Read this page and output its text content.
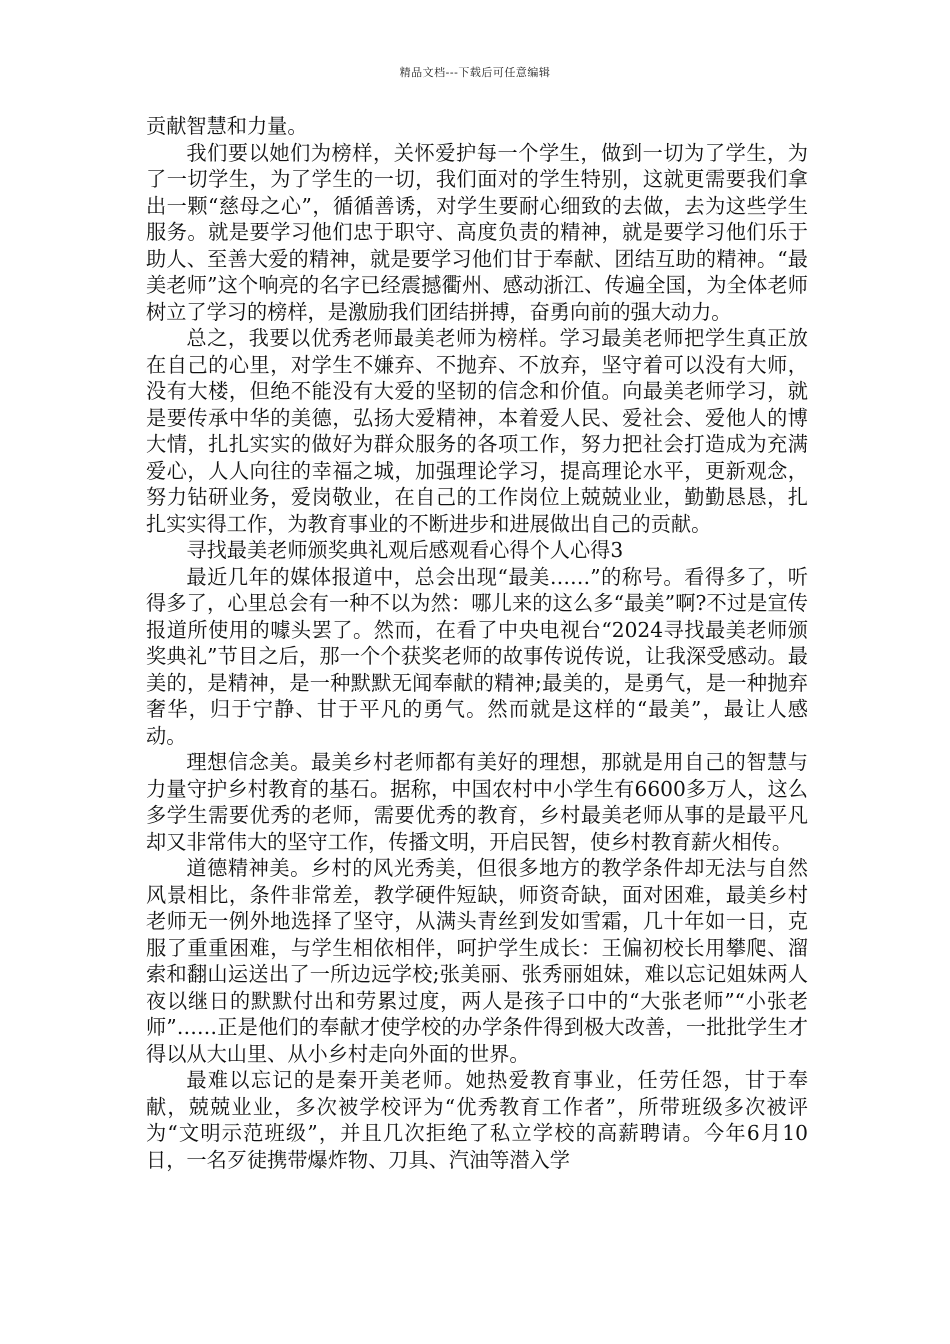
精品文档---下载后可任意编辑

贡献智慧和力量。

我们要以她们为榜样，关怀爱护每一个学生，做到一切为了学生，为了一切学生，为了学生的一切，我们面对的学生特别，这就更需要我们拿出一颗“慈母之心”，循循善诱，对学生要耐心细致的去做，去为这些学生服务。就是要学习他们忠于职守、高度负责的精神，就是要学习他们乐于助人、至善大爱的精神，就是要学习他们甘于奉献、团结互助的精神。“最美老师”这个响亮的名字已经震撼衢州、感动浙江、传遍全国，为全体老师树立了学习的榜样，是激励我们团结拼搏，奋勇向前的强大动力。

总之，我要以优秀老师最美老师为榜样。学习最美老师把学生真正放在自己的心里，对学生不嫌弃、不抛弃、不放弃，坚守着可以没有大师，没有大楼，但绝不能没有大爱的坚韧的信念和价值。向最美老师学习，就是要传承中华的美德，弘扬大爱精神，本着爱人民、爱社会、爱他人的博大情，扎扎实实的做好为群众服务的各项工作，努力把社会打造成为充满爱心，人人向往的幸福之城，加强理论学习，提高理论水平，更新观念，努力钻研业务，爱岗敬业，在自己的工作岗位上兢兢业业，勤勤恳恳，扎扎实实得工作，为教育事业的不断进步和进展做出自己的贡献。

寻找最美老师颁奖典礼观后感观看心得个人心得3

最近几年的媒体报道中，总会出现“最美……”的称号。看得多了，听得多了，心里总会有一种不以为然：哪儿来的这么多“最美”啊?不过是宣传报道所使用的噱头罢了。然而，在看了中央电视台“2024寻找最美老师颁奖典礼”节目之后，那一个个获奖老师的故事传说传说，让我深受感动。最美的，是精神，是一种默默无闻奉献的精神;最美的，是勇气，是一种抛弃奢华，归于宁静、甘于平凡的勇气。然而就是这样的“最美”，最让人感动。

理想信念美。最美乡村老师都有美好的理想，那就是用自己的智慧与力量守护乡村教育的基石。据称，中国农村中小学生有6600多万人，这么多学生需要优秀的老师，需要优秀的教育，乡村最美老师从事的是最平凡却又非常伟大的坚守工作，传播文明，开启民智，使乡村教育薪火相传。

道德精神美。乡村的风光秀美，但很多地方的教学条件却无法与自然风景相比，条件非常差，教学硬件短缺，师资奇缺，面对困难，最美乡村老师无一例外地选择了坚守，从满头青丝到发如雪霜，几十年如一日，克服了重重困难，与学生相依相伴，呵护学生成长：王偏初校长用攀爬、溜索和翻山运送出了一所边远学校;张美丽、张秀丽姐妹，难以忘记姐妹两人夜以继日的默默付出和劳累过度，两人是孩子口中的“大张老师”“小张老师”……正是他们的奉献才使学校的办学条件得到极大改善，一批批学生才得以从大山里、从小乡村走向外面的世界。

最难以忘记的是秦开美老师。她热爱教育事业，任劳任怨，甘于奉献，兢兢业业，多次被学校评为“优秀教育工作者”，所带班级多次被评为“文明示范班级”，并且几次拒绝了私立学校的高薪聘请。今年6月10日，一名歹徒携带爆炸物、刀具、汽油等潜入学
